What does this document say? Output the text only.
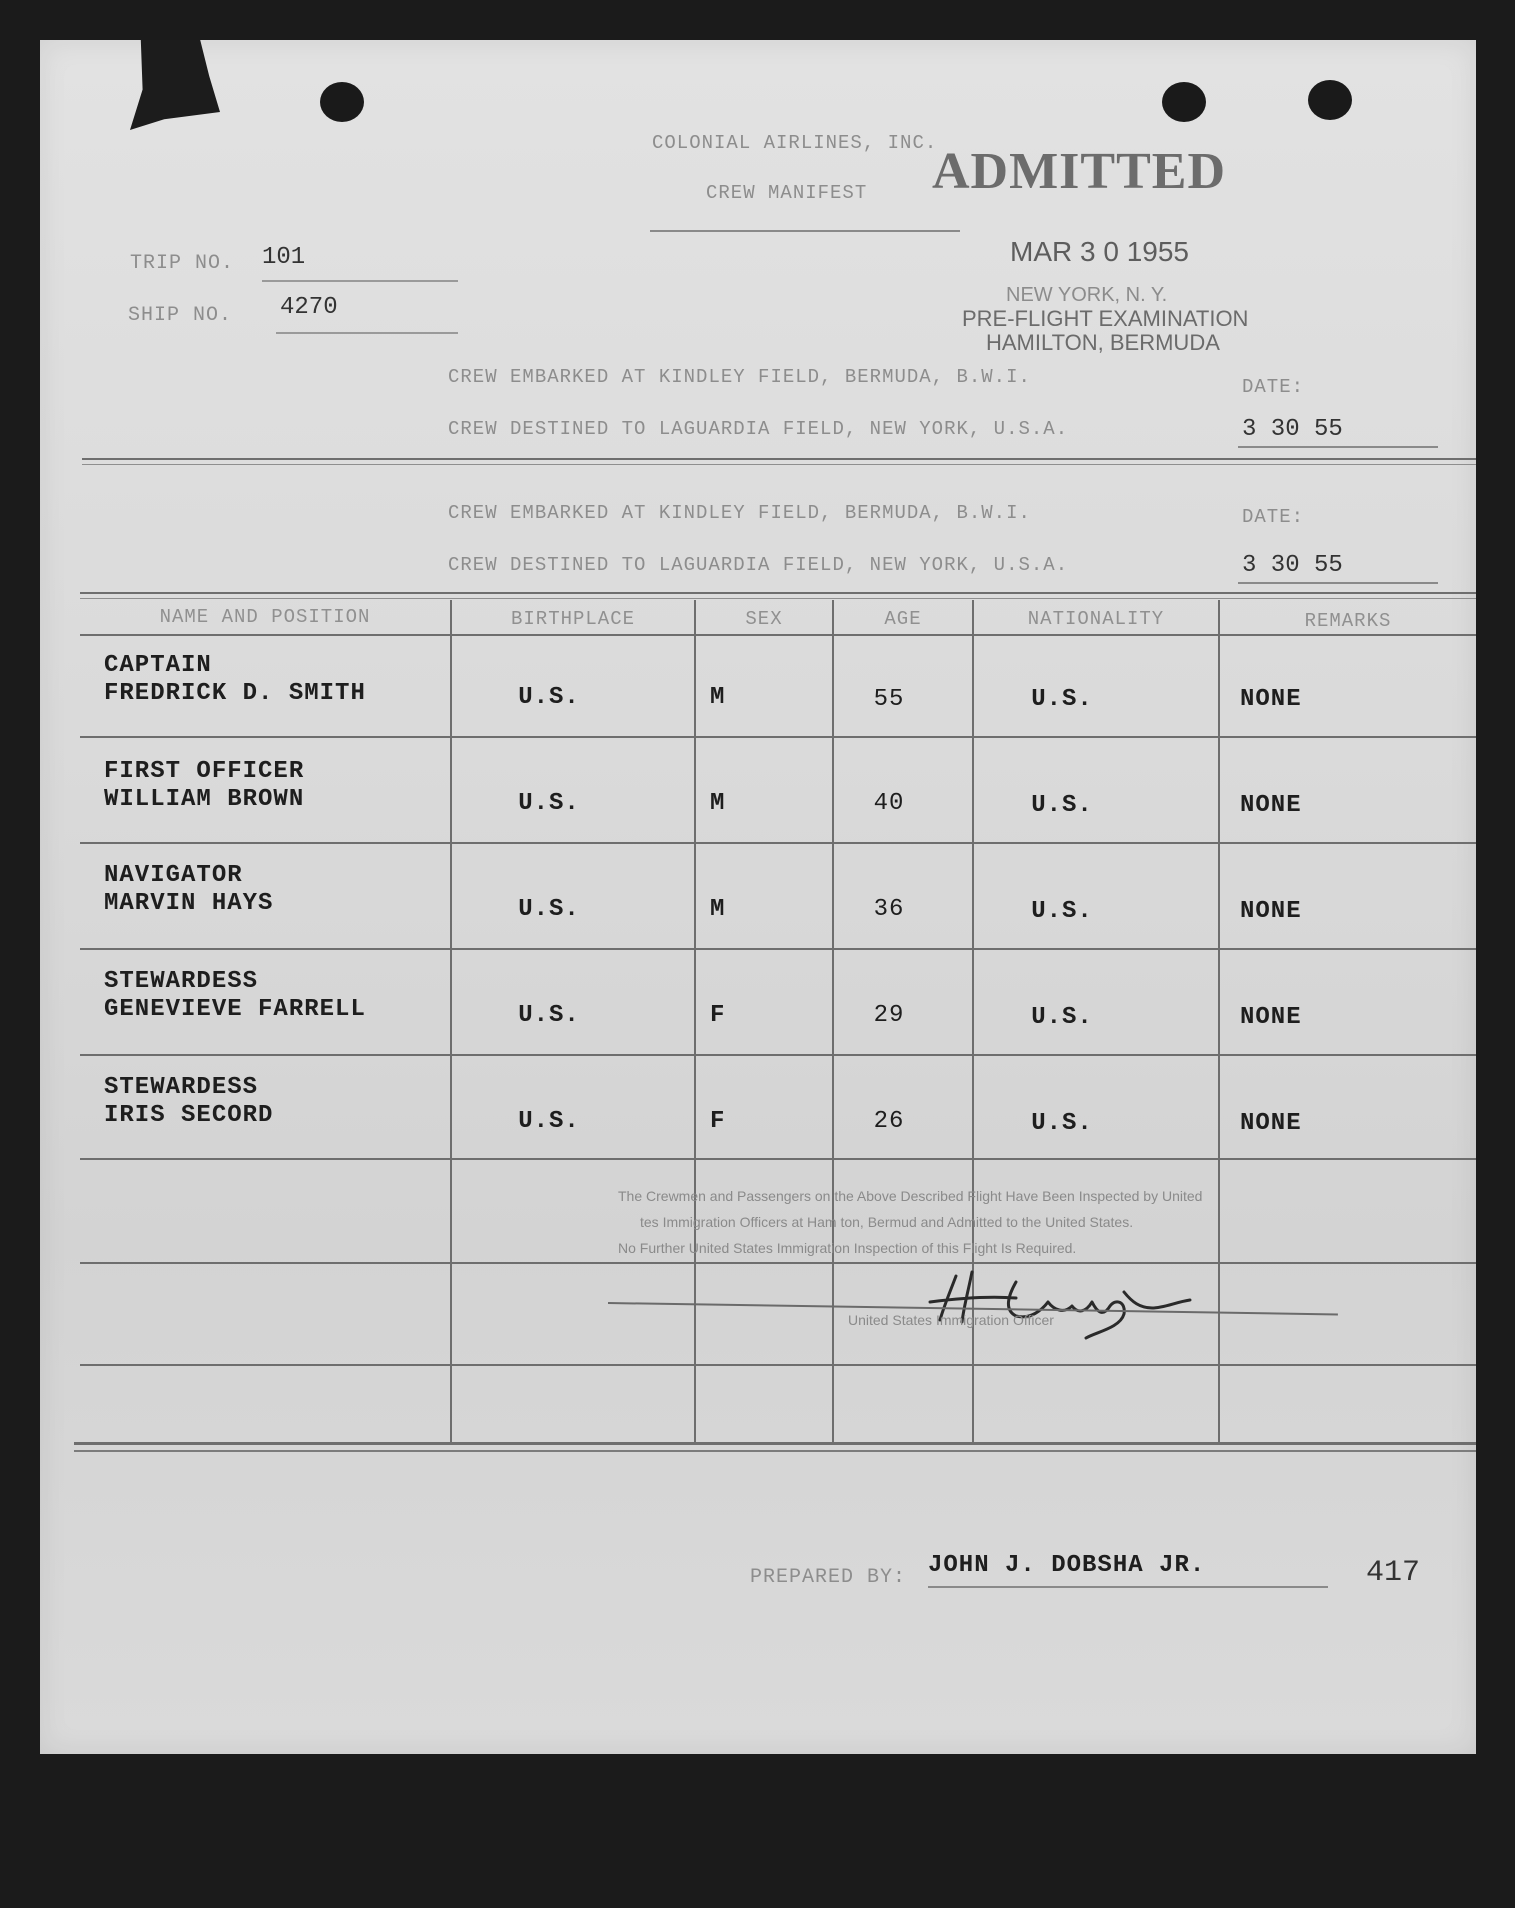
COLONIAL AIRLINES, INC.
CREW MANIFEST ADMITTED
MAR 3 0 1955
NEW YORK, N. Y.
PRE-FLIGHT EXAMINATION
HAMILTON, BERMUDA
TRIP NO. 101
SHIP NO. 4270
CREW EMBARKED AT KINDLEY FIELD, BERMUDA, B.W.I.	DATE:
CREW DESTINED TO LAGUARDIA FIELD, NEW YORK, U.S.A.	3 30 55
CREW EMBARKED AT KINDLEY FIELD, BERMUDA, B.W.I.	DATE:
CREW DESTINED TO LAGUARDIA FIELD, NEW YORK, U.S.A.	3 30 55
NAME AND POSITION	BIRTHPLACE	SEX	AGE	NATIONALITY	REMARKS
CAPTAIN
FREDRICK D. SMITH	U.S.	M	55	U.S.	NONE
FIRST OFFICER
WILLIAM BROWN	U.S.	M	40	U.S.	NONE
NAVIGATOR
MARVIN HAYS	U.S.	M	36	U.S.	NONE
STEWARDESS
GENEVIEVE FARRELL	U.S.	F	29	U.S.	NONE
STEWARDESS
IRIS SECORD	U.S.	F	26	U.S.	NONE
The Crewmen and Passengers on the Above Described Flight Have Been Inspected by United
tes Immigration Officers at Ham ton, Bermud and Admitted to the United States.
No Further United States Immigration Inspection of this Flight Is Required.
United States Immigration Officer
PREPARED BY: JOHN J. DOBSHA JR.	417
